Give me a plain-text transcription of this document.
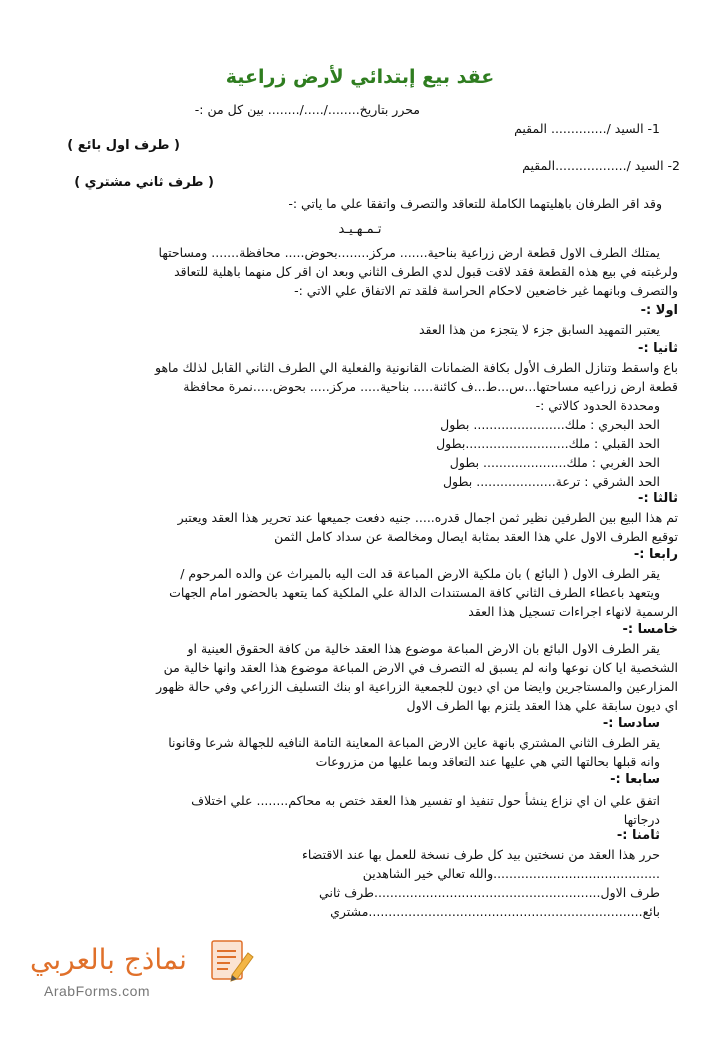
عقد بيع إبتدائي لأرض زراعية
محرر بتاريخ......../...../........ بين كل من :-
1- السيد /.............. المقيم
( طرف اول بائع )
2- السيد /..................المقيم
( طرف ثاني مشتري )
وقد اقر الطرفان باهليتهما الكاملة للتعاقد والتصرف واتفقا علي ما ياتي :-
تـمـهـيـد
يمتلك الطرف الاول قطعة ارض زراعية بناحية....... مركز........بحوض..... محافظة....... ومساحتها
ولرغبته في بيع هذه القطعة فقد لاقت قبول لدي الطرف الثاني وبعد ان اقر كل منهما باهلية للتعاقد
والتصرف وبانهما غير خاضعين لاحكام الحراسة فلقد تم الاتفاق علي الاتي :-
اولا :-
يعتبر التمهيد السابق جزء لا يتجزء من هذا العقد
ثانيا :-
باع واسقط وتنازل الطرف الأول بكافة الضمانات القانونية والفعلية الي الطرف الثاني القابل لذلك ماهو
قطعة ارض زراعيه مساحتها...س...ط...ف كائنة..... بناحية..... مركز..... بحوض.....نمرة محافظة
ومحددة الحدود كالاتي :-
الحد البحري : ملك....................... بطول
الحد القبلي : ملك..........................بطول
الحد الغربي : ملك..................... بطول
الحد الشرقي : ترعة.................... بطول
ثالثا :-
تم هذا البيع بين الطرفين نظير ثمن اجمال قدره..... جنيه دفعت جميعها عند تحرير هذا العقد ويعتبر
توقيع الطرف الاول علي هذا العقد بمثابة ايصال ومخالصة عن سداد كامل الثمن
رابعا :-
يقر الطرف الاول ( البائع ) بان ملكية الارض المباعة قد الت اليه بالميراث عن والده المرحوم /
ويتعهد باعطاء الطرف الثاني كافة المستندات الدالة علي الملكية كما يتعهد بالحضور امام الجهات
الرسمية لانهاء اجراءات تسجيل هذا العقد
خامسا :-
يقر الطرف الاول البائع بان الارض المباعة موضوع هذا العقد خالية من كافة الحقوق العينية او
الشخصية ايا كان نوعها وانه لم يسبق له التصرف في الارض المباعة موضوع هذا العقد وانها خالية من
المزارعين والمستاجرين وايضا من اي ديون للجمعية الزراعية او بنك التسليف الزراعي وفي حالة ظهور
اي ديون سابقة علي هذا العقد يلتزم بها الطرف الاول
سادسا :-
يقر الطرف الثاني المشتري بانهة عاين الارض المباعة المعاينة التامة النافيه للجهالة شرعا وقانونا
وانه قبلها بحالتها التي هي عليها عند التعاقد وبما عليها من مزروعات
سابعا :-
اتفق علي ان اي نزاع ينشأ حول تنفيذ او تفسير هذا العقد ختص به محاكم........ علي اختلاف
درجاتها
ثامنا :-
حرر هذا العقد من نسختين بيد كل طرف نسخة للعمل بها عند الاقتضاء
..........................................والله تعالي خير الشاهدين
طرف الاول.........................................................طرف ثاني
بائع.....................................................................مشتري
نماذج بالعربي
ArabForms.com
